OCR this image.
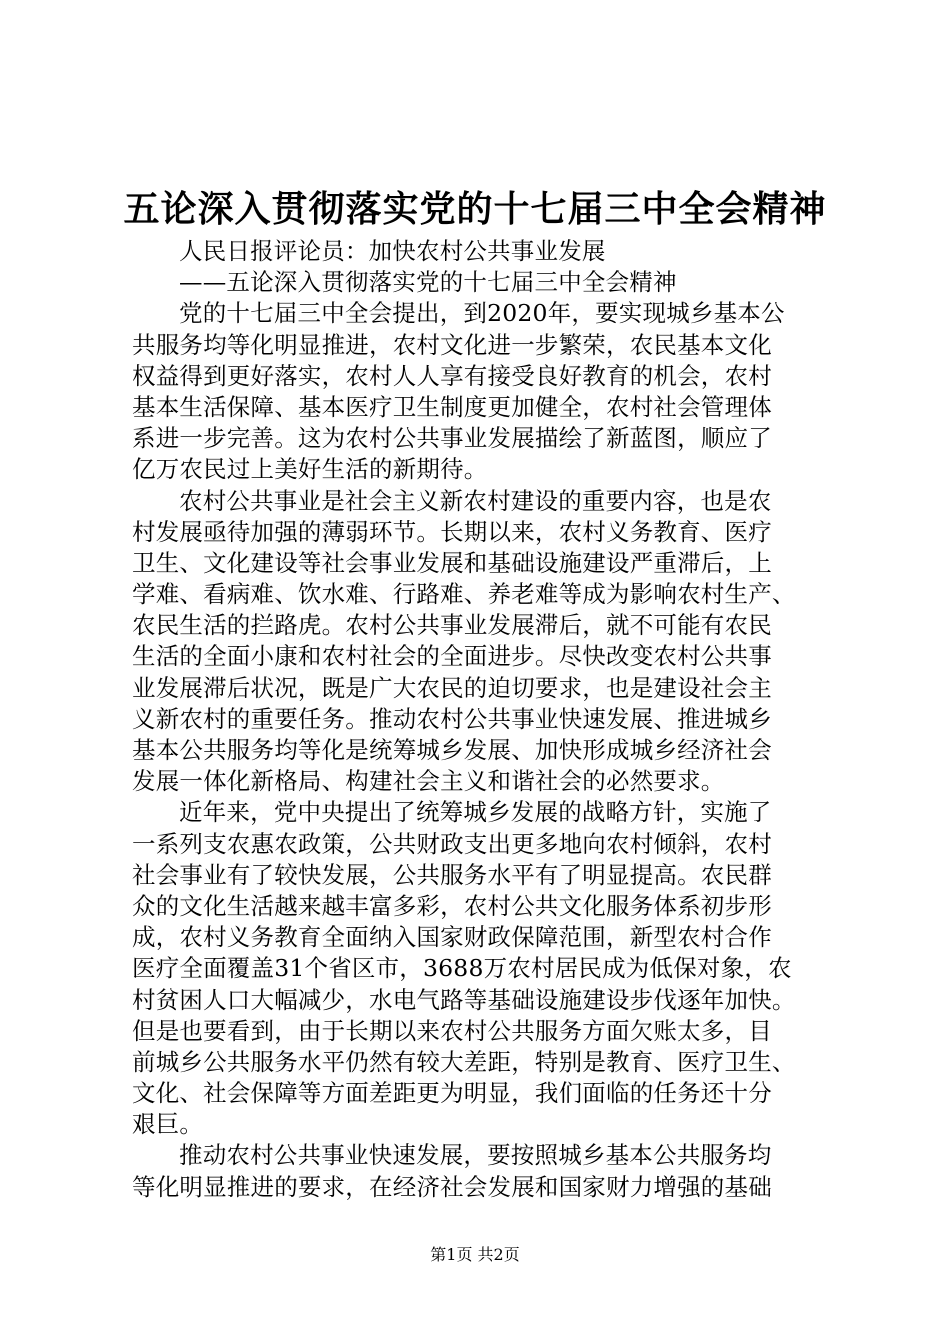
五论深入贯彻落实党的十七届三中全会精神
人民日报评论员：加快农村公共事业发展
——五论深入贯彻落实党的十七届三中全会精神
党的十七届三中全会提出，到2020年，要实现城乡基本公
共服务均等化明显推进，农村文化进一步繁荣，农民基本文化
权益得到更好落实，农村人人享有接受良好教育的机会，农村
基本生活保障、基本医疗卫生制度更加健全，农村社会管理体
系进一步完善。这为农村公共事业发展描绘了新蓝图，顺应了
亿万农民过上美好生活的新期待。
农村公共事业是社会主义新农村建设的重要内容，也是农
村发展亟待加强的薄弱环节。长期以来，农村义务教育、医疗
卫生、文化建设等社会事业发展和基础设施建设严重滞后，上
学难、看病难、饮水难、行路难、养老难等成为影响农村生产、
农民生活的拦路虎。农村公共事业发展滞后，就不可能有农民
生活的全面小康和农村社会的全面进步。尽快改变农村公共事
业发展滞后状况，既是广大农民的迫切要求，也是建设社会主
义新农村的重要任务。推动农村公共事业快速发展、推进城乡
基本公共服务均等化是统筹城乡发展、加快形成城乡经济社会
发展一体化新格局、构建社会主义和谐社会的必然要求。
近年来，党中央提出了统筹城乡发展的战略方针，实施了
一系列支农惠农政策，公共财政支出更多地向农村倾斜，农村
社会事业有了较快发展，公共服务水平有了明显提高。农民群
众的文化生活越来越丰富多彩，农村公共文化服务体系初步形
成，农村义务教育全面纳入国家财政保障范围，新型农村合作
医疗全面覆盖31个省区市，3688万农村居民成为低保对象，农
村贫困人口大幅减少，水电气路等基础设施建设步伐逐年加快。
但是也要看到，由于长期以来农村公共服务方面欠账太多，目
前城乡公共服务水平仍然有较大差距，特别是教育、医疗卫生、
文化、社会保障等方面差距更为明显，我们面临的任务还十分
艰巨。
推动农村公共事业快速发展，要按照城乡基本公共服务均
等化明显推进的要求，在经济社会发展和国家财力增强的基础
第1页 共2页
